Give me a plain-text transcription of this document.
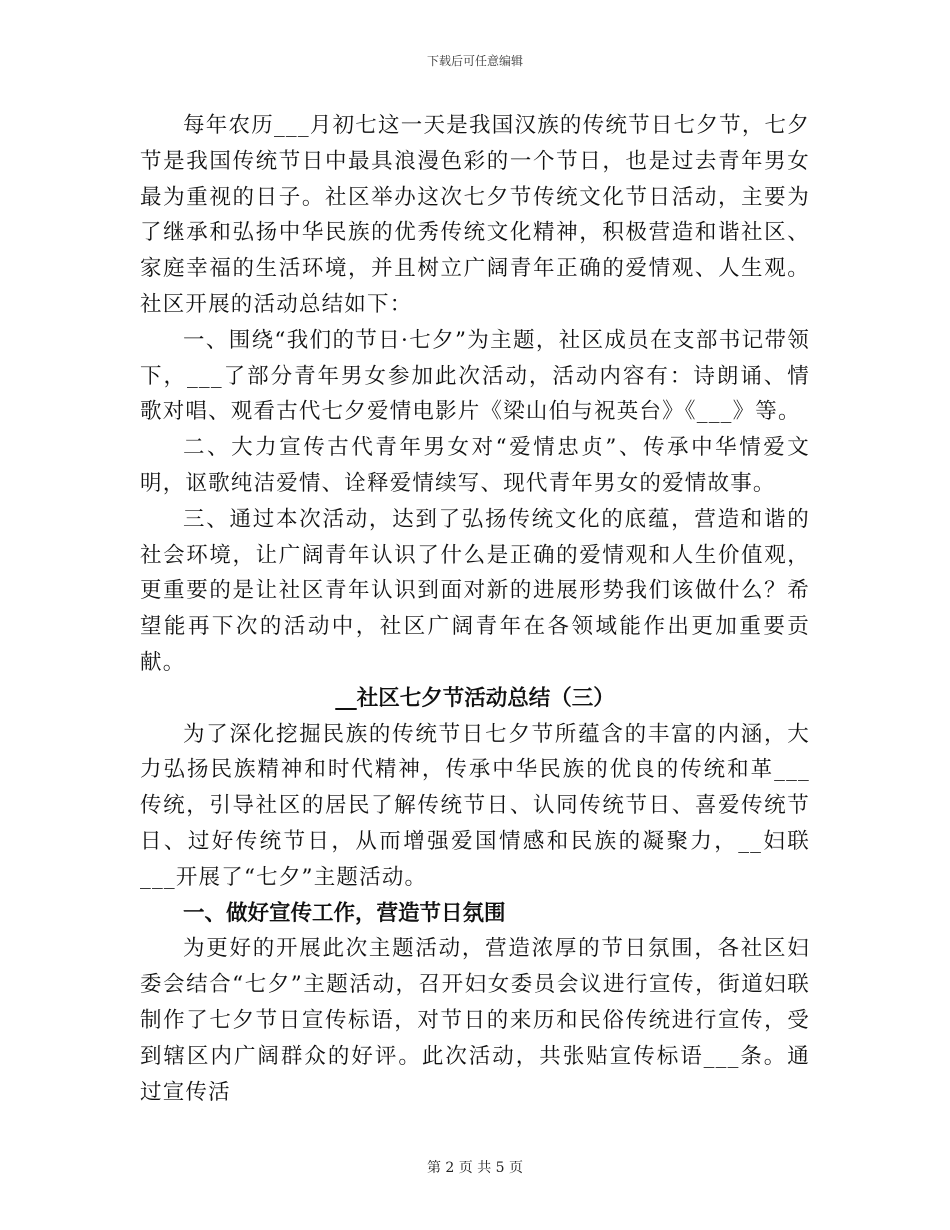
下载后可任意编辑

每年农历___月初七这一天是我国汉族的传统节日七夕节，七夕节是我国传统节日中最具浪漫色彩的一个节日，也是过去青年男女最为重视的日子。社区举办这次七夕节传统文化节日活动，主要为了继承和弘扬中华民族的优秀传统文化精神，积极营造和谐社区、家庭幸福的生活环境，并且树立广阔青年正确的爱情观、人生观。社区开展的活动总结如下：

一、围绕“我们的节日·七夕”为主题，社区成员在支部书记带领下，___了部分青年男女参加此次活动，活动内容有：诗朗诵、情歌对唱、观看古代七夕爱情电影片《梁山伯与祝英台》《___》等。

二、大力宣传古代青年男女对“爱情忠贞”、传承中华情爱文明，讴歌纯洁爱情、诠释爱情续写、现代青年男女的爱情故事。

三、通过本次活动，达到了弘扬传统文化的底蕴，营造和谐的社会环境，让广阔青年认识了什么是正确的爱情观和人生价值观，更重要的是让社区青年认识到面对新的进展形势我们该做什么？希望能再下次的活动中，社区广阔青年在各领域能作出更加重要贡献。

__社区七夕节活动总结（三）

为了深化挖掘民族的传统节日七夕节所蕴含的丰富的内涵，大力弘扬民族精神和时代精神，传承中华民族的优良的传统和革___传统，引导社区的居民了解传统节日、认同传统节日、喜爱传统节日、过好传统节日，从而增强爱国情感和民族的凝聚力，__妇联___开展了“七夕”主题活动。

一、做好宣传工作，营造节日氛围

为更好的开展此次主题活动，营造浓厚的节日氛围，各社区妇委会结合“七夕”主题活动，召开妇女委员会议进行宣传，街道妇联制作了七夕节日宣传标语，对节日的来历和民俗传统进行宣传，受到辖区内广阔群众的好评。此次活动，共张贴宣传标语___条。通过宣传活

第 2 页 共 5 页
